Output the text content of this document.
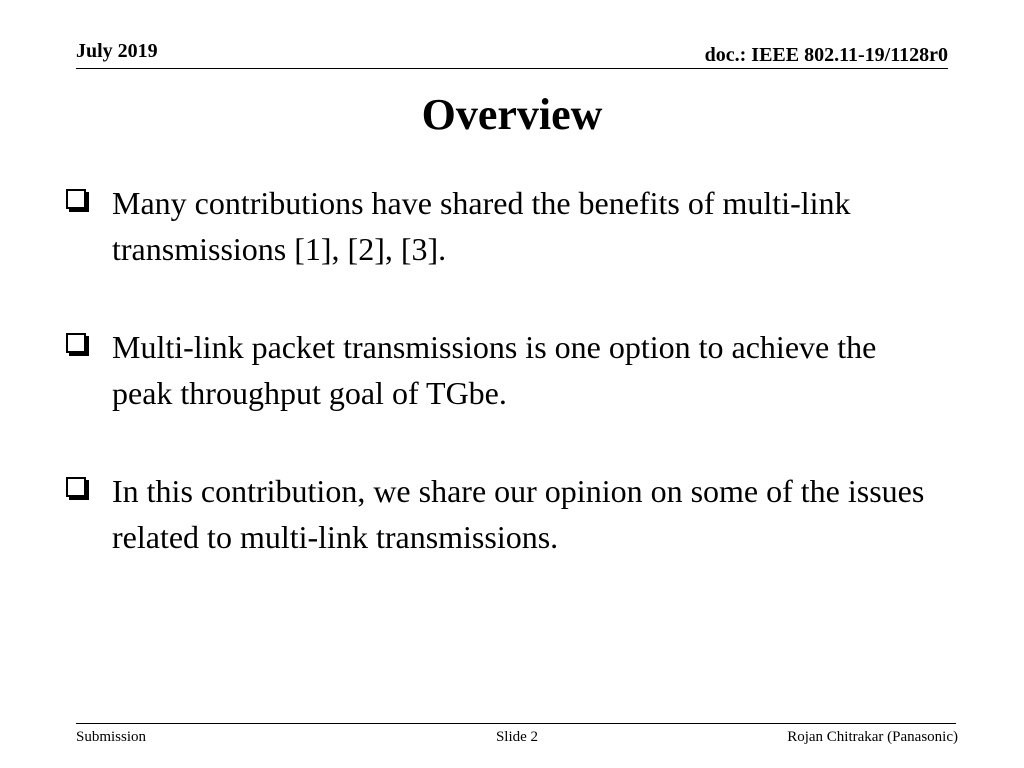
July 2019	doc.: IEEE 802.11-19/1128r0
Overview
Many contributions have shared the benefits of multi-link transmissions [1], [2], [3].
Multi-link packet transmissions is one option to achieve the peak throughput goal of TGbe.
In this contribution, we share our opinion on some of the issues related to multi-link transmissions.
Submission	Slide 2	Rojan Chitrakar (Panasonic)
